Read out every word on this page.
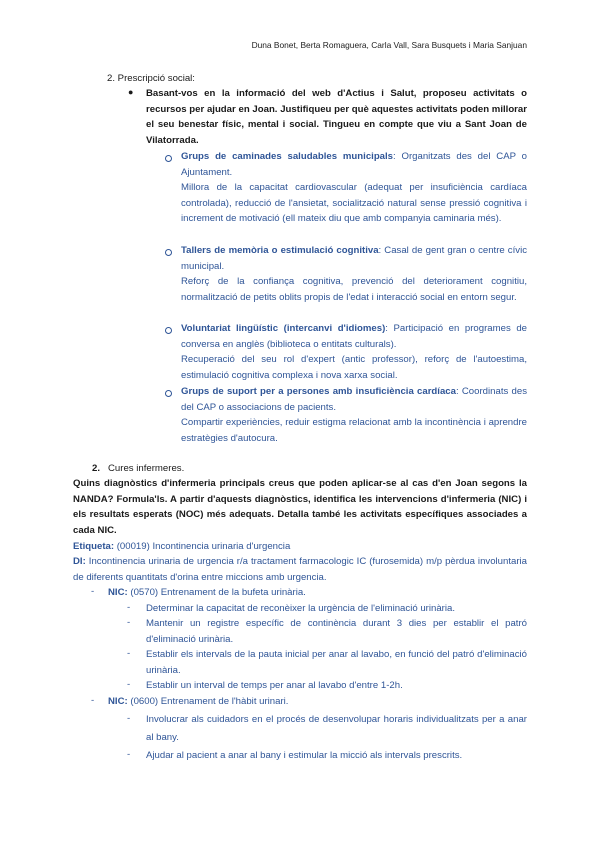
Duna Bonet, Berta Romaguera, Carla Vall, Sara Busquets i Maria Sanjuan

2. Prescripció social:

● Basant-vos en la informació del web d'Actius i Salut, proposeu activitats o recursos per ajudar en Joan. Justifiqueu per què aquestes activitats poden millorar el seu benestar físic, mental i social. Tingueu en compte que viu a Sant Joan de Vilatorrada.

Grups de caminades saludables municipals: Organitzats des del CAP o Ajuntament.

Millora de la capacitat cardiovascular (adequat per insuficiència cardíaca controlada), reducció de l'ansietat, socialització natural sense pressió cognitiva i increment de motivació (ell mateix diu que amb companyia caminaria més).

Tallers de memòria o estimulació cognitiva: Casal de gent gran o centre cívic municipal.

Reforç de la confiança cognitiva, prevenció del deteriorament cognitiu, normalització de petits oblits propis de l'edat i interacció social en entorn segur.

Voluntariat lingüístic (intercanvi d'idiomes): Participació en programes de conversa en anglès (biblioteca o entitats culturals).

Recuperació del seu rol d'expert (antic professor), reforç de l'autoestima, estimulació cognitiva complexa i nova xarxa social.

Grups de suport per a persones amb insuficiència cardíaca: Coordinats des del CAP o associacions de pacients.

Compartir experiències, reduir estigma relacionat amb la incontinència i aprendre estratègies d'autocura.

2. Cures infermeres.

Quins diagnòstics d'infermeria principals creus que poden aplicar-se al cas d'en Joan segons la NANDA? Formula'ls. A partir d'aquests diagnòstics, identifica les intervencions d'infermeria (NIC) i els resultats esperats (NOC) més adequats. Detalla també les activitats específiques associades a cada NIC.

Etiqueta: (00019) Incontinencia urinaria d'urgencia

DI: Incontinencia urinaria de urgencia r/a tractament farmacologic IC (furosemida) m/p pèrdua involuntaria de diferents quantitats d'orina entre miccions amb urgencia.

- NIC: (0570) Entrenament de la bufeta urinària.

- Determinar la capacitat de reconèixer la urgència de l'eliminació urinària.

- Mantenir un registre específic de continència durant 3 dies per establir el patró d'eliminació urinària.

- Establir els intervals de la pauta inicial per anar al lavabo, en funció del patró d'eliminació urinària.

- Establir un interval de temps per anar al lavabo d'entre 1-2h.

- NIC: (0600) Entrenament de l'hàbit urinari.

- Involucrar als cuidadors en el procés de desenvolupar horaris individualitzats per a anar al bany.

- Ajudar al pacient a anar al bany i estimular la micció als intervals prescrits.
